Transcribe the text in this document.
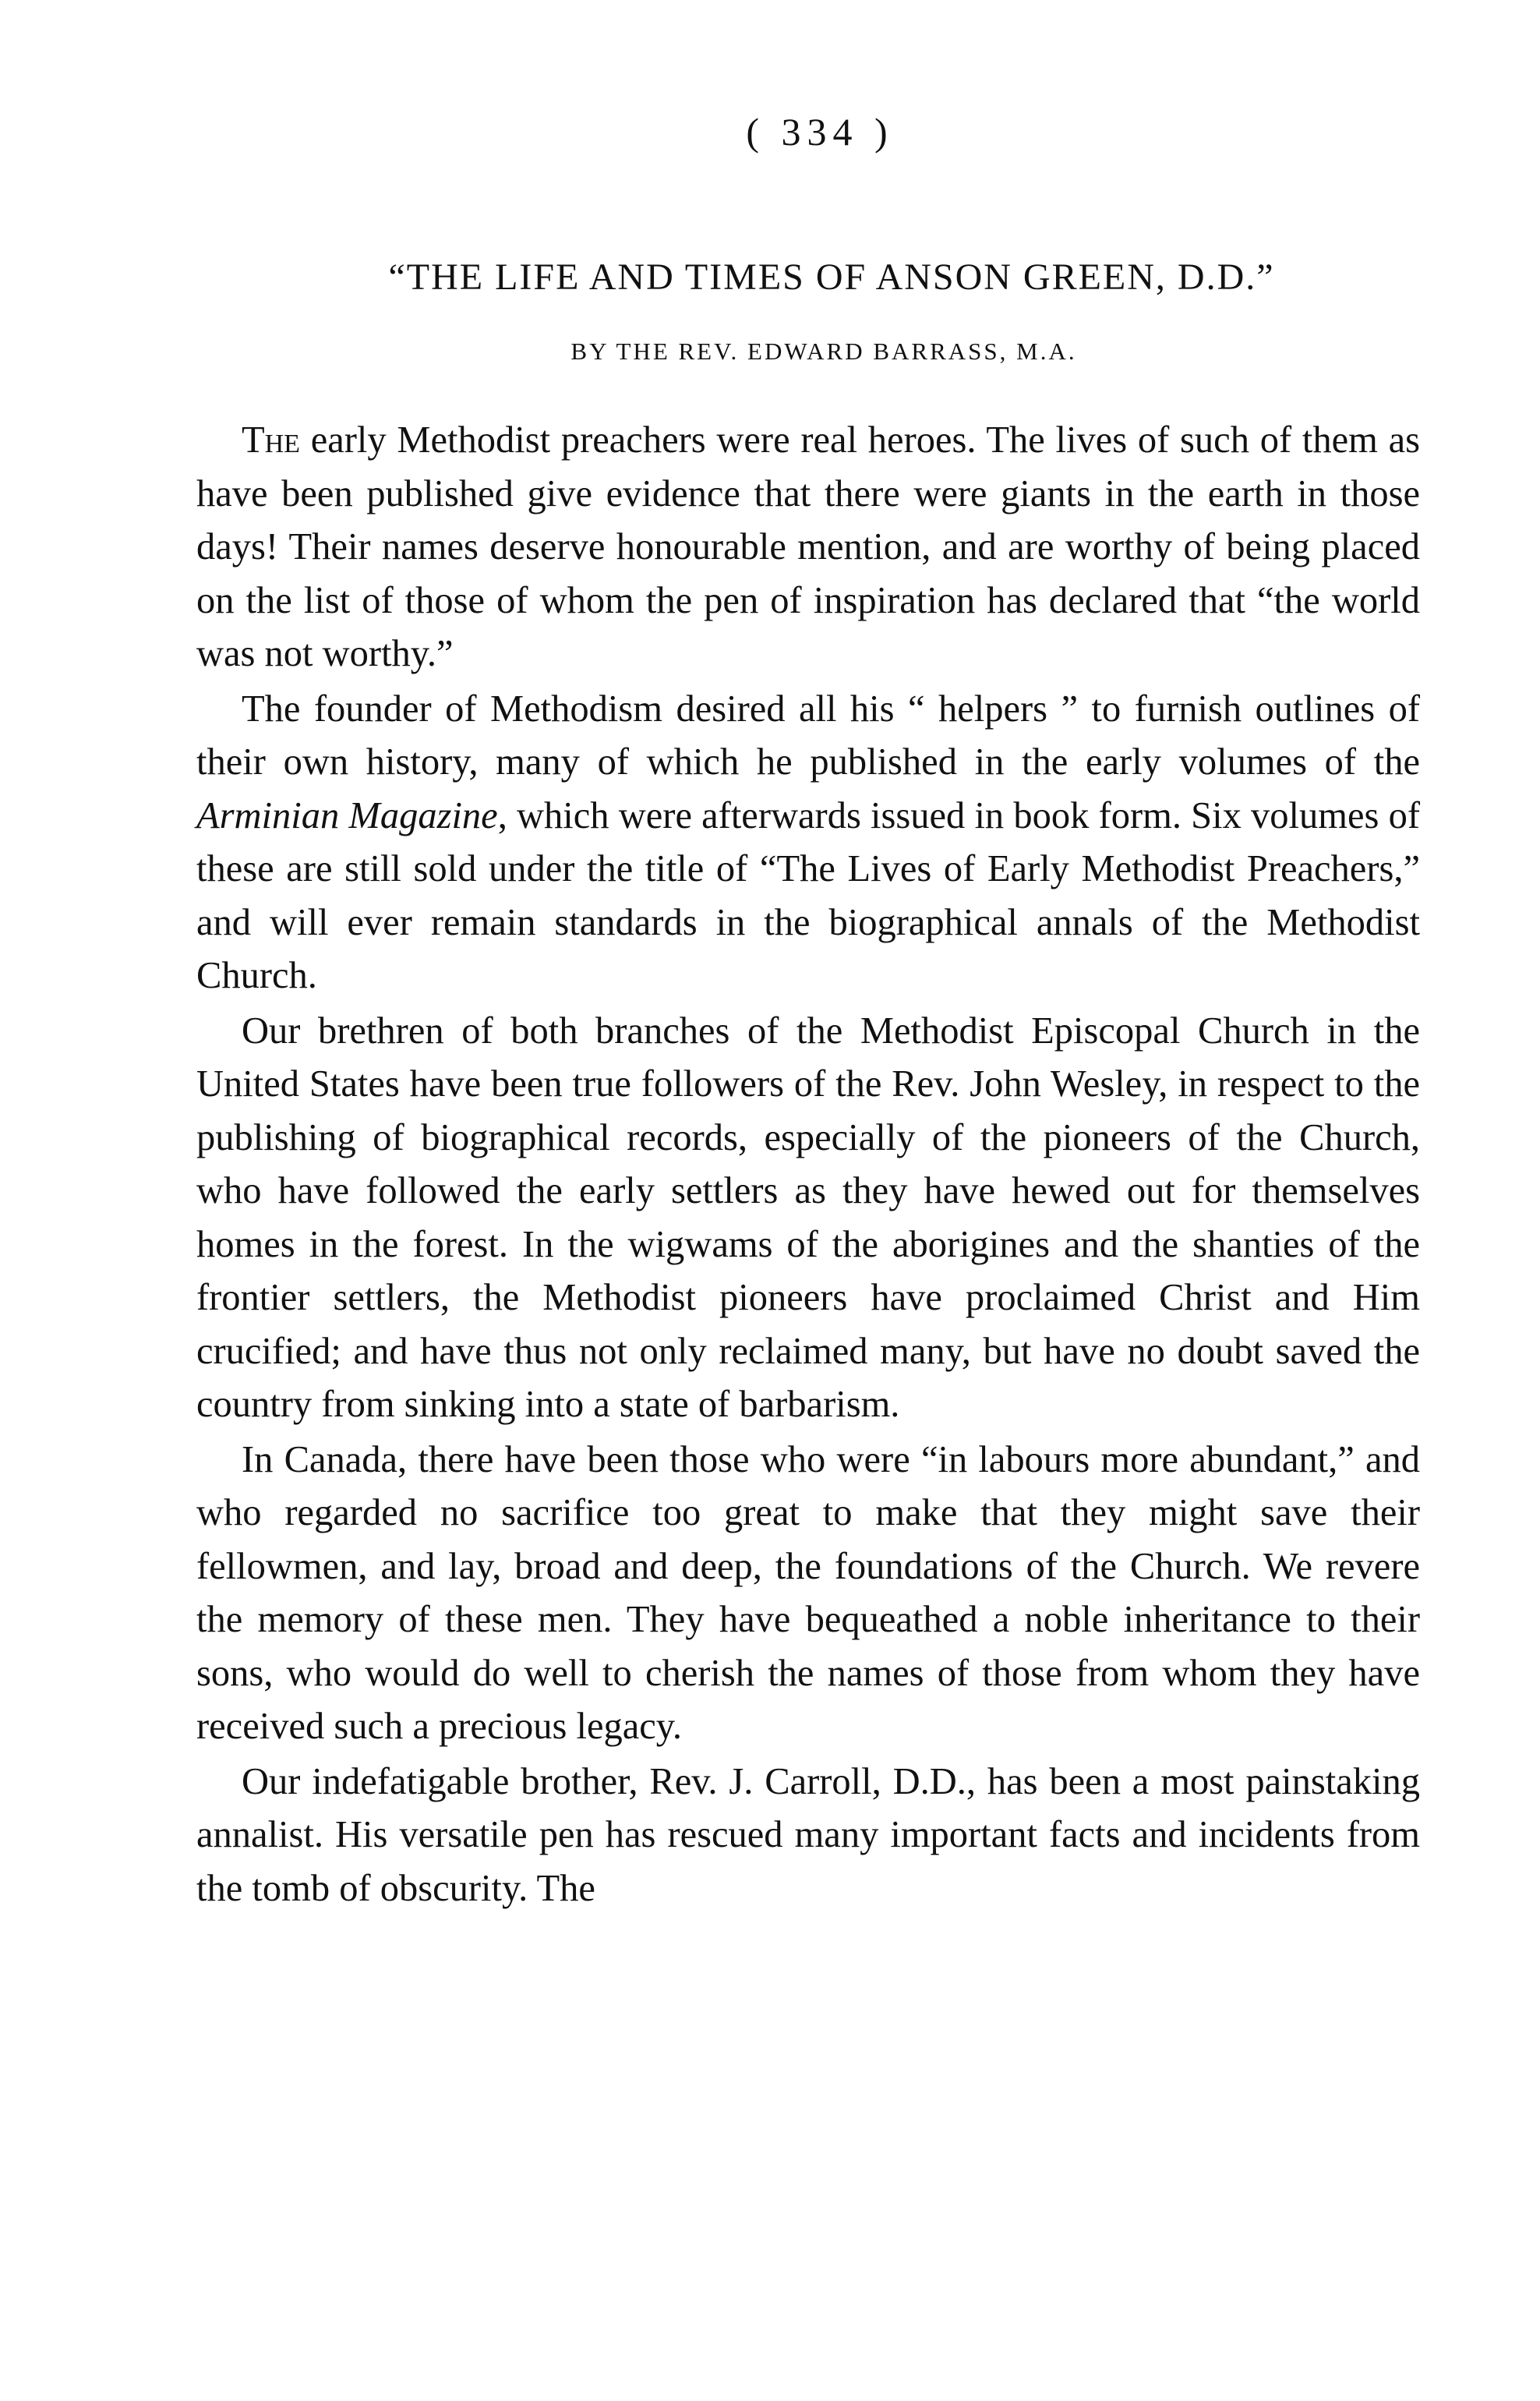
( 334 )
“THE LIFE AND TIMES OF ANSON GREEN, D.D.”
BY THE REV. EDWARD BARRASS, M.A.

The early Methodist preachers were real heroes. The lives of such of them as have been published give evidence that there were giants in the earth in those days! Their names deserve honourable mention, and are worthy of being placed on the list of those of whom the pen of inspiration has declared that “the world was not worthy.”

The founder of Methodism desired all his “ helpers ” to furnish outlines of their own history, many of which he published in the early volumes of the Arminian Magazine, which were afterwards issued in book form. Six volumes of these are still sold under the title of “The Lives of Early Methodist Preachers,” and will ever remain standards in the biographical annals of the Methodist Church.

Our brethren of both branches of the Methodist Episcopal Church in the United States have been true followers of the Rev. John Wesley, in respect to the publishing of biographical records, especially of the pioneers of the Church, who have followed the early settlers as they have hewed out for themselves homes in the forest. In the wigwams of the aborigines and the shanties of the frontier settlers, the Methodist pioneers have proclaimed Christ and Him crucified; and have thus not only reclaimed many, but have no doubt saved the country from sinking into a state of barbarism.

In Canada, there have been those who were “in labours more abundant,” and who regarded no sacrifice too great to make that they might save their fellowmen, and lay, broad and deep, the foundations of the Church. We revere the memory of these men. They have bequeathed a noble inheritance to their sons, who would do well to cherish the names of those from whom they have received such a precious legacy.

Our indefatigable brother, Rev. J. Carroll, D.D., has been a most painstaking annalist. His versatile pen has rescued many important facts and incidents from the tomb of obscurity. The
